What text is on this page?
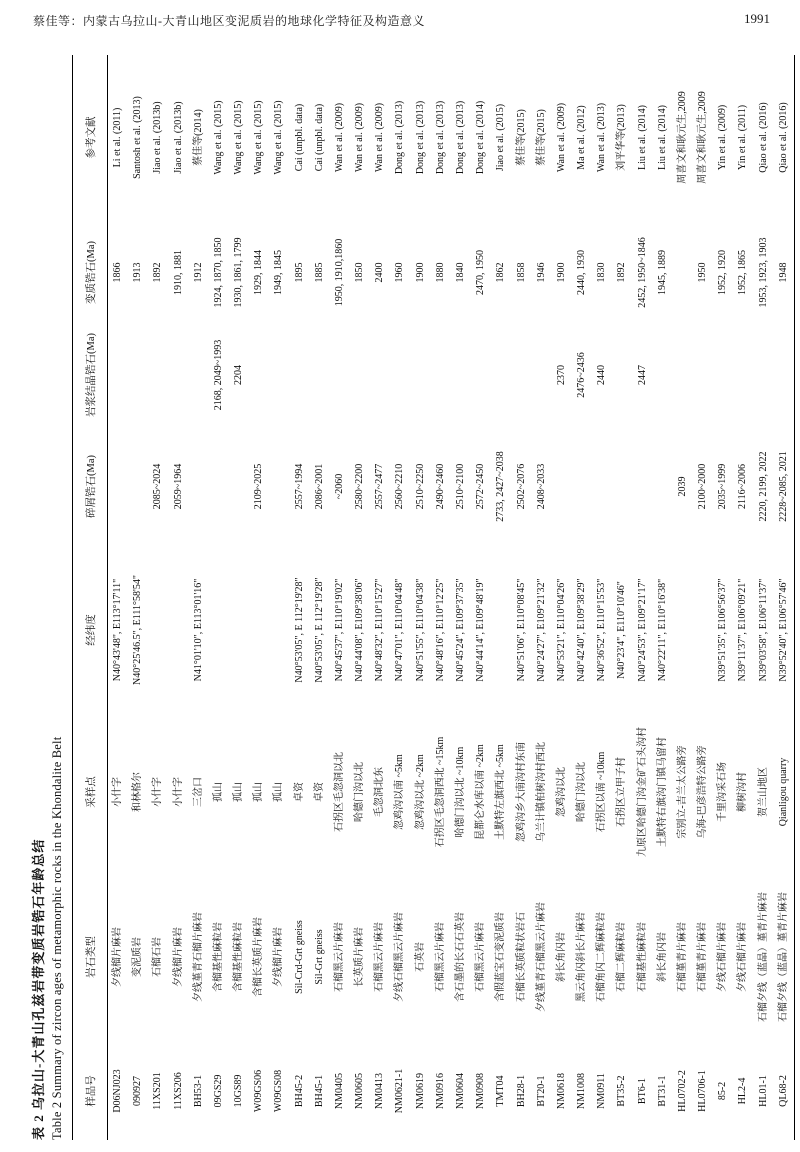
蔡佳等：内蒙古乌拉山-大青山地区变泥质岩的地球化学特征及构造意义	1991

表 2 乌拉山-大青山孔兹岩带变质岩锆石年龄总结 Table 2 Summary of zircon ages of metamorphic rocks in the Khondalite Belt 样品号	岩石类型	采样点	经纬度	碎屑锆石(Ma)	岩浆结晶锆石(Ma)	变质锆石(Ma)	参考文献
D06NJ023	夕线榴片麻岩	小什字	N40°43'48", E113°17'11"			1866	Li et al. (2011)
090927	变泥质岩	和林格尔	N40°25'46.5", E111°58'54"			1913	Santosh et al. (2013)
11XS201	石榴石岩	小什字		2085~2024		1892	Jiao et al. (2013b)
11XS206	夕线榴片麻岩	小什字		2059~1964		1910, 1881	Jiao et al. (2013b)
BH53-1	夕线堇青石榴片麻岩	三岔口	N41°01'10", E113°01'16"			1912	蔡佳等(2014)
09GS29	含榴基性麻粒岩	孤山			2168, 2049~1993	1924, 1870, 1850	Wang et al. (2015)
10GS89	含榴基性麻粒岩	孤山			2204	1930, 1861, 1799	Wang et al. (2015)
W09GS06	含榴长英质片麻岩	孤山		2109~2025		1929, 1844	Wang et al. (2015)
W09GS08	夕线榴片麻岩	孤山				1949, 1845	Wang et al. (2015)
BH45-2	Sil-Crd-Grt gneiss	卓资	N40°53'05", E 112°19'28"	2557~1994		1895	Cai (unpbl. data)
BH45-1	Sil-Grt gneiss	卓资	N40°53'05", E 112°19'28"	2086~2001		1885	Cai (unpbl. data)
NM0405	石榴黑云片麻岩	石拐区毛忽洞以北	N40°45'37", E110°19'02"	~2060		1950, 1910,1860	Wan et al. (2009)
NM0605	长英质片麻岩	哈德门沟以北	N40°44'08", E109°38'06"	2580~2200		1850	Wan et al. (2009)
NM0413	石榴黑云片麻岩	毛忽洞北东	N40°48'32", E110°15'27"	2557~2477		2400	Wan et al. (2009)
NM0621-1	夕线石榴黑云片麻岩	忽鸡沟以南 ~5km	N40°47'01", E110°04'48"	2560~2210		1960	Dong et al. (2013)
NM0619	石英岩	忽鸡沟以北 ~2km	N40°51'55", E110°04'38"	2510~2250		1900	Dong et al. (2013)
NM0916	石榴黑云片麻岩	石拐区毛忽洞西北 ~15km	N40°48'16", E110°12'25"	2490~2460		1880	Dong et al. (2013)
NM0604	含石墨的长石石英岩	哈德门沟以北 ~10km	N40°45'24", E109°37'35"	2510~2100		1840	Dong et al. (2013)
NM0908	石榴黑云片麻岩	昆都仑水库以南 ~2km	N40°44'14", E109°48'19"	2572~2450		2470, 1950	Dong et al. (2014)
TMT04	含假蓝宝石变泥质岩	土默特左旗西北 ~5km		2733, 2427~2038		1862	Jiao et al. (2015)
BH28-1	石榴长英质粒状岩石	忽鸡沟乡大南沟村东南	N40°51'06", E110°08'45"	2502~2076		1858	蔡佳等(2015)
BT20-1	夕线堇青石榴黑云片麻岩	乌兰计镇柏树沟村西北	N40°24'27", E109°21'32"	2408~2033		1946	蔡佳等(2015)
NM0618	斜长角闪岩	忽鸡沟以北	N40°53'21", E110°04'26"		2370	1900	Wan et al. (2009)
NM1008	黑云角闪斜长片麻岩	哈德门沟以北	N40°42'40", E109°38'29"		2476~2436	2440, 1930	Ma et al. (2012)
NM0911	石榴角闪二辉麻粒岩	石拐区以南 ~10km	N40°36'52", E110°15'53"		2440	1830	Wan et al. (2013)
BT35-2	石榴二辉麻粒岩	石拐区立甲子村	N40°23'4", E110°10'46"			1892	刘平华等(2013)
BT6-1	石榴基性麻粒岩	九原区哈德门沟金矿石头沟村	N40°24'53", E109°21'17"		2447	2452, 1950~1846	Liu et al. (2014)
BT31-1	斜长角闪岩	土默特右旗沟门镇马留村	N40°22'11", E110°16'38"			1945, 1889	Liu et al. (2014)
HL0702-2	石榴堇青片麻岩	宗别立-吉兰太公路旁		2039			周喜文和耿元生,2009
HL0706-1	石榴堇青片麻岩	乌海-巴彦浩特公路旁		2100~2000		1950	周喜文和耿元生,2009
85-2	夕线石榴片麻岩	千里沟采石场	N39°51'35", E106°56'37"	2035~1999		1952, 1920	Yin et al. (2009)
HL2-4	夕线石榴片麻岩	柳树沟村	N39°11'37", E106°09'21"	2116~2006		1952, 1865	Yin et al. (2011)
HL01-1	石榴夕线（蓝晶）堇青片麻岩	贺兰山地区	N39°03'58", E106°11'37"	2220, 2199, 2022		1953, 1923, 1903	Qiao et al. (2016)
QL68-2	石榴夕线（蓝晶）堇青片麻岩	Qianligou quarry	N39°52'40", E106°57'46"	2228~2085, 2021		1948	Qiao et al. (2016)
